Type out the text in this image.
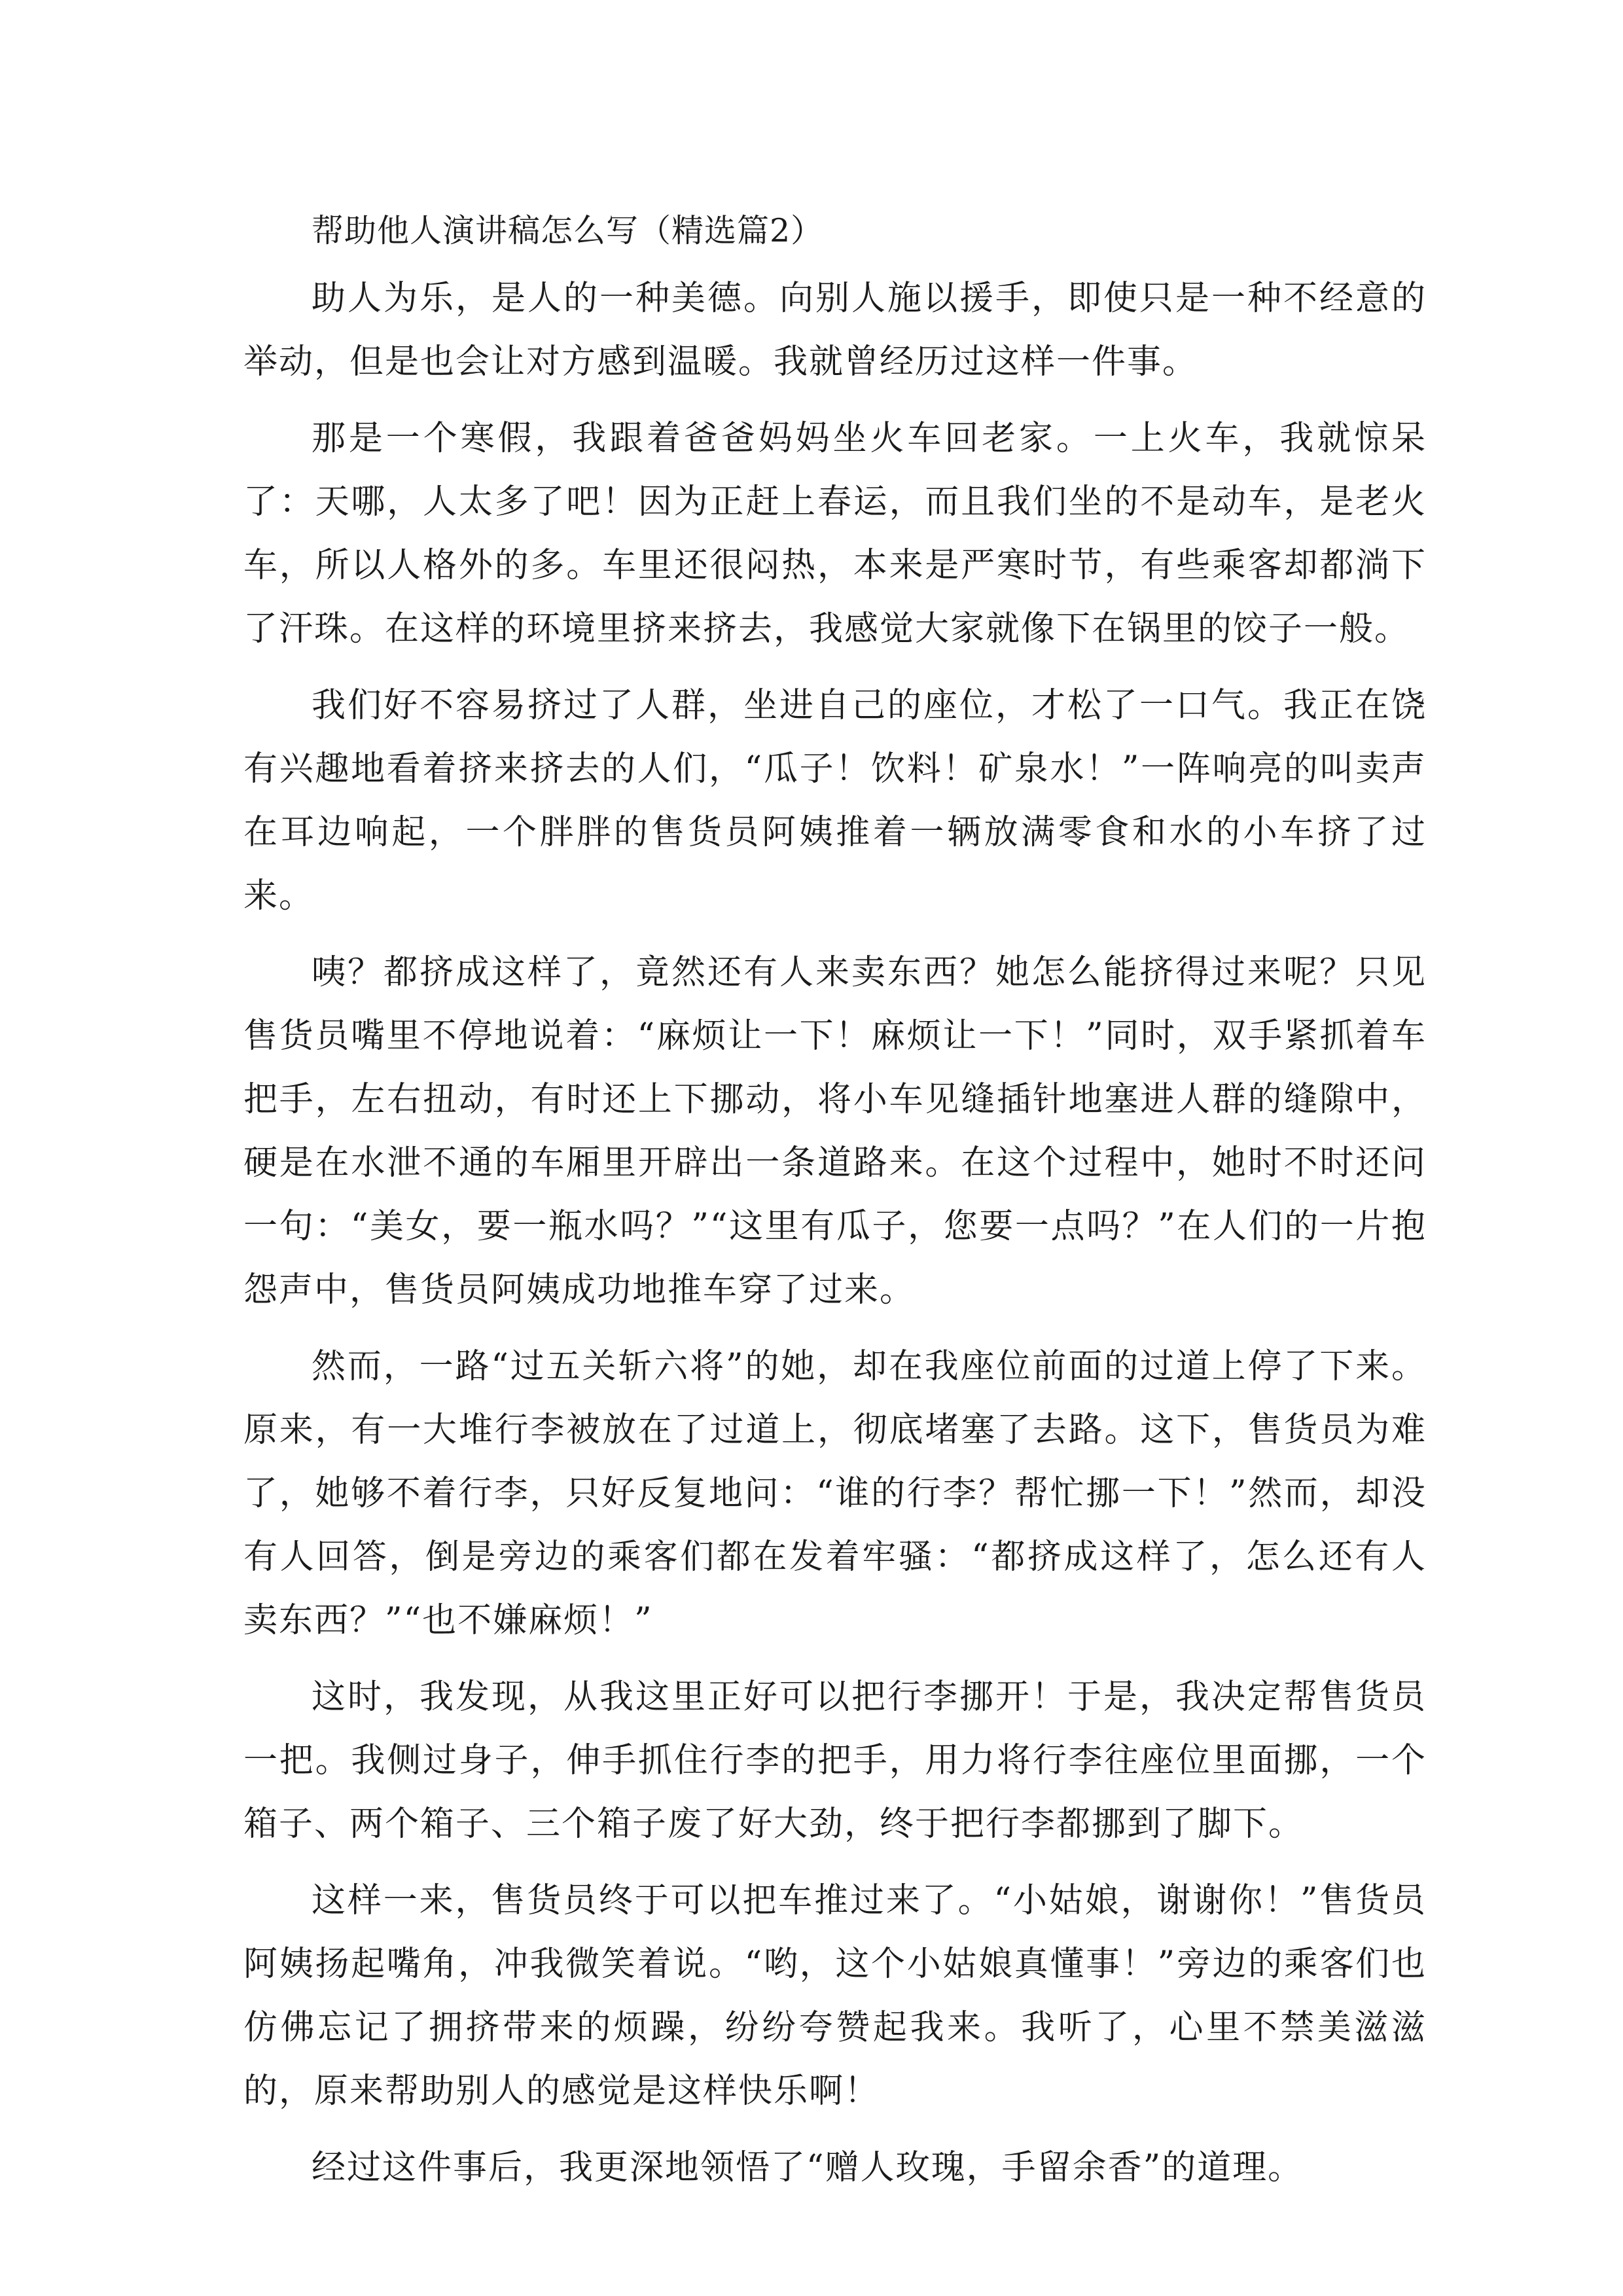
帮助他人演讲稿怎么写（精选篇2）

助人为乐，是人的一种美德。向别人施以援手，即使只是一种不经意的举动，但是也会让对方感到温暖。我就曾经历过这样一件事。

那是一个寒假，我跟着爸爸妈妈坐火车回老家。一上火车，我就惊呆了：天哪，人太多了吧！因为正赶上春运，而且我们坐的不是动车，是老火车，所以人格外的多。车里还很闷热，本来是严寒时节，有些乘客却都淌下了汗珠。在这样的环境里挤来挤去，我感觉大家就像下在锅里的饺子一般。

我们好不容易挤过了人群，坐进自己的座位，才松了一口气。我正在饶有兴趣地看着挤来挤去的人们，“瓜子！饮料！矿泉水！”一阵响亮的叫卖声在耳边响起，一个胖胖的售货员阿姨推着一辆放满零食和水的小车挤了过来。

咦？都挤成这样了，竟然还有人来卖东西？她怎么能挤得过来呢？只见售货员嘴里不停地说着：“麻烦让一下！麻烦让一下！”同时，双手紧抓着车把手，左右扭动，有时还上下挪动，将小车见缝插针地塞进人群的缝隙中，硬是在水泄不通的车厢里开辟出一条道路来。在这个过程中，她时不时还问一句：“美女，要一瓶水吗？”“这里有瓜子，您要一点吗？”在人们的一片抱怨声中，售货员阿姨成功地推车穿了过来。

然而，一路“过五关斩六将”的她，却在我座位前面的过道上停了下来。原来，有一大堆行李被放在了过道上，彻底堵塞了去路。这下，售货员为难了，她够不着行李，只好反复地问：“谁的行李？帮忙挪一下！”然而，却没有人回答，倒是旁边的乘客们都在发着牢骚：“都挤成这样了，怎么还有人卖东西？”“也不嫌麻烦！”

这时，我发现，从我这里正好可以把行李挪开！于是，我决定帮售货员一把。我侧过身子，伸手抓住行李的把手，用力将行李往座位里面挪，一个箱子、两个箱子、三个箱子废了好大劲，终于把行李都挪到了脚下。

这样一来，售货员终于可以把车推过来了。“小姑娘，谢谢你！”售货员阿姨扬起嘴角，冲我微笑着说。“哟，这个小姑娘真懂事！”旁边的乘客们也仿佛忘记了拥挤带来的烦躁，纷纷夸赞起我来。我听了，心里不禁美滋滋的，原来帮助别人的感觉是这样快乐啊！

经过这件事后，我更深地领悟了“赠人玫瑰，手留余香”的道理。
